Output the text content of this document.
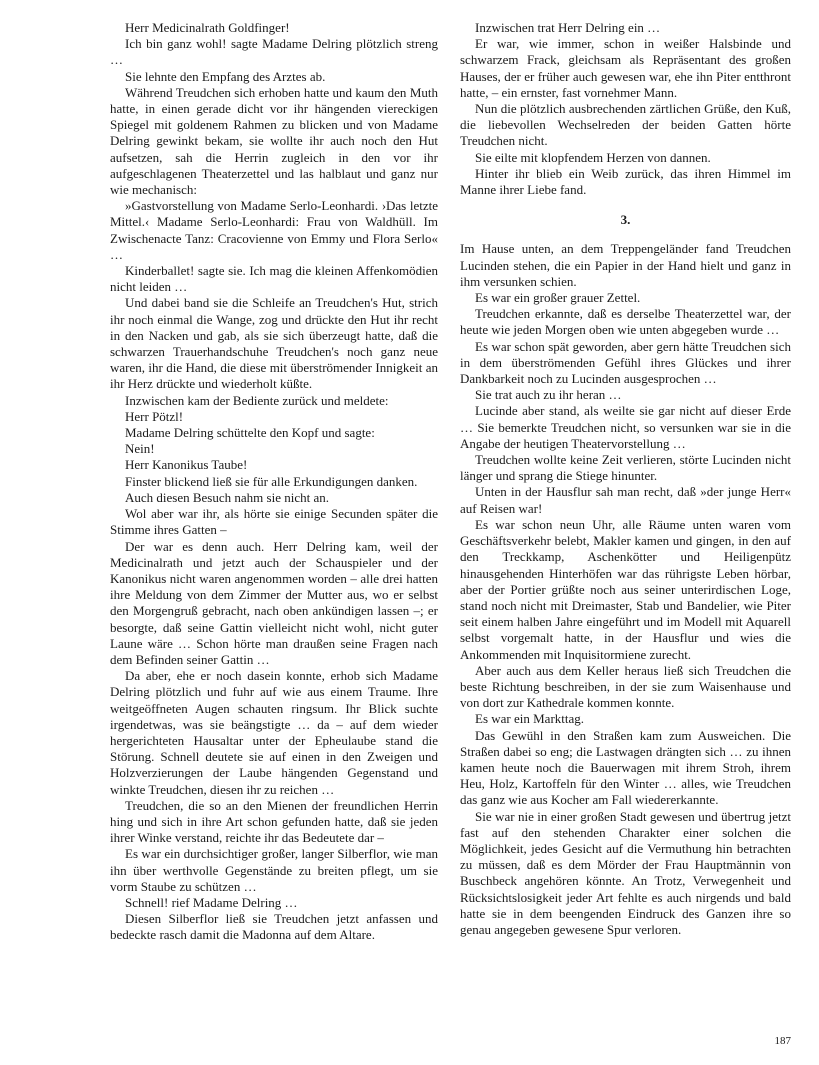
Herr Medicinalrath Goldfinger!

Ich bin ganz wohl! sagte Madame Delring plötzlich streng …

Sie lehnte den Empfang des Arztes ab.

Während Treudchen sich erhoben hatte und kaum den Muth hatte, in einen gerade dicht vor ihr hängenden viereckigen Spiegel mit goldenem Rahmen zu blicken und von Madame Delring gewinkt bekam, sie wollte ihr auch noch den Hut aufsetzen, sah die Herrin zugleich in den vor ihr aufgeschlagenen Theaterzettel und las halblaut und ganz nur wie mechanisch:

»Gastvorstellung von Madame Serlo-Leonhardi. ›Das letzte Mittel.‹ Madame Serlo-Leonhardi: Frau von Waldhüll. Im Zwischenacte Tanz: Cracovienne von Emmy und Flora Serlo« …

Kinderballet! sagte sie. Ich mag die kleinen Affenkomödien nicht leiden …

Und dabei band sie die Schleife an Treudchen's Hut, strich ihr noch einmal die Wange, zog und drückte den Hut ihr recht in den Nacken und gab, als sie sich überzeugt hatte, daß die schwarzen Trauerhandschuhe Treudchen's noch ganz neue waren, ihr die Hand, die diese mit überströmender Innigkeit an ihr Herz drückte und wiederholt küßte.

Inzwischen kam der Bediente zurück und meldete:

Herr Pötzl!

Madame Delring schüttelte den Kopf und sagte:

Nein!

Herr Kanonikus Taube!

Finster blickend ließ sie für alle Erkundigungen danken.

Auch diesen Besuch nahm sie nicht an.

Wol aber war ihr, als hörte sie einige Secunden später die Stimme ihres Gatten –

Der war es denn auch. Herr Delring kam, weil der Medicinalrath und jetzt auch der Schauspieler und der Kanonikus nicht waren angenommen worden – alle drei hatten ihre Meldung von dem Zimmer der Mutter aus, wo er selbst den Morgengruß gebracht, nach oben ankündigen lassen –; er besorgte, daß seine Gattin vielleicht nicht wohl, nicht guter Laune wäre … Schon hörte man draußen seine Fragen nach dem Befinden seiner Gattin …

Da aber, ehe er noch dasein konnte, erhob sich Madame Delring plötzlich und fuhr auf wie aus einem Traume. Ihre weitgeöffneten Augen schauten ringsum. Ihr Blick suchte irgendetwas, was sie beängstigte … da – auf dem wieder hergerichteten Hausaltar unter der Epheulaube stand die Störung. Schnell deutete sie auf einen in den Zweigen und Holzverzierungen der Laube hängenden Gegenstand und winkte Treudchen, diesen ihr zu reichen …

Treudchen, die so an den Mienen der freundlichen Herrin hing und sich in ihre Art schon gefunden hatte, daß sie jeden ihrer Winke verstand, reichte ihr das Bedeutete dar –

Es war ein durchsichtiger großer, langer Silberflor, wie man ihn über werthvolle Gegenstände zu breiten pflegt, um sie vorm Staube zu schützen …

Schnell! rief Madame Delring …

Diesen Silberflor ließ sie Treudchen jetzt anfassen und bedeckte rasch damit die Madonna auf dem Altare.

Inzwischen trat Herr Delring ein …

Er war, wie immer, schon in weißer Halsbinde und schwarzem Frack, gleichsam als Repräsentant des großen Hauses, der er früher auch gewesen war, ehe ihn Piter entthront hatte, – ein ernster, fast vornehmer Mann.

Nun die plötzlich ausbrechenden zärtlichen Grüße, den Kuß, die liebevollen Wechselreden der beiden Gatten hörte Treudchen nicht.

Sie eilte mit klopfendem Herzen von dannen.

Hinter ihr blieb ein Weib zurück, das ihren Himmel im Manne ihrer Liebe fand.

3.

Im Hause unten, an dem Treppengeländer fand Treudchen Lucinden stehen, die ein Papier in der Hand hielt und ganz in ihm versunken schien.

Es war ein großer grauer Zettel.

Treudchen erkannte, daß es derselbe Theaterzettel war, der heute wie jeden Morgen oben wie unten abgegeben wurde …

Es war schon spät geworden, aber gern hätte Treudchen sich in dem überströmenden Gefühl ihres Glückes und ihrer Dankbarkeit noch zu Lucinden ausgesprochen …

Sie trat auch zu ihr heran …

Lucinde aber stand, als weilte sie gar nicht auf dieser Erde … Sie bemerkte Treudchen nicht, so versunken war sie in die Angabe der heutigen Theatervorstellung …

Treudchen wollte keine Zeit verlieren, störte Lucinden nicht länger und sprang die Stiege hinunter.

Unten in der Hausflur sah man recht, daß »der junge Herr« auf Reisen war!

Es war schon neun Uhr, alle Räume unten waren vom Geschäftsverkehr belebt, Makler kamen und gingen, in den auf den Treckkamp, Aschenkötter und Heiligenpütz hinausgehenden Hinterhöfen war das rührigste Leben hörbar, aber der Portier grüßte noch aus seiner unterirdischen Loge, stand noch nicht mit Dreimaster, Stab und Bandelier, wie Piter seit einem halben Jahre eingeführt und im Modell mit Aquarell selbst vorgemalt hatte, in der Hausflur und wies die Ankommenden mit Inquisitormiene zurecht.

Aber auch aus dem Keller heraus ließ sich Treudchen die beste Richtung beschreiben, in der sie zum Waisenhause und von dort zur Kathedrale kommen konnte.

Es war ein Markttag.

Das Gewühl in den Straßen kam zum Ausweichen. Die Straßen dabei so eng; die Lastwagen drängten sich … zu ihnen kamen heute noch die Bauerwagen mit ihrem Stroh, ihrem Heu, Holz, Kartoffeln für den Winter … alles, wie Treudchen das ganz wie aus Kocher am Fall wiedererkannte.

Sie war nie in einer großen Stadt gewesen und übertrug jetzt fast auf den stehenden Charakter einer solchen die Möglichkeit, jedes Gesicht auf die Vermuthung hin betrachten zu müssen, daß es dem Mörder der Frau Hauptmännin von Buschbeck angehören könnte. An Trotz, Verwegenheit und Rücksichtslosigkeit jeder Art fehlte es auch nirgends und bald hatte sie in dem beengenden Eindruck des Ganzen ihre so genau angegeben gewesene Spur verloren.

187
